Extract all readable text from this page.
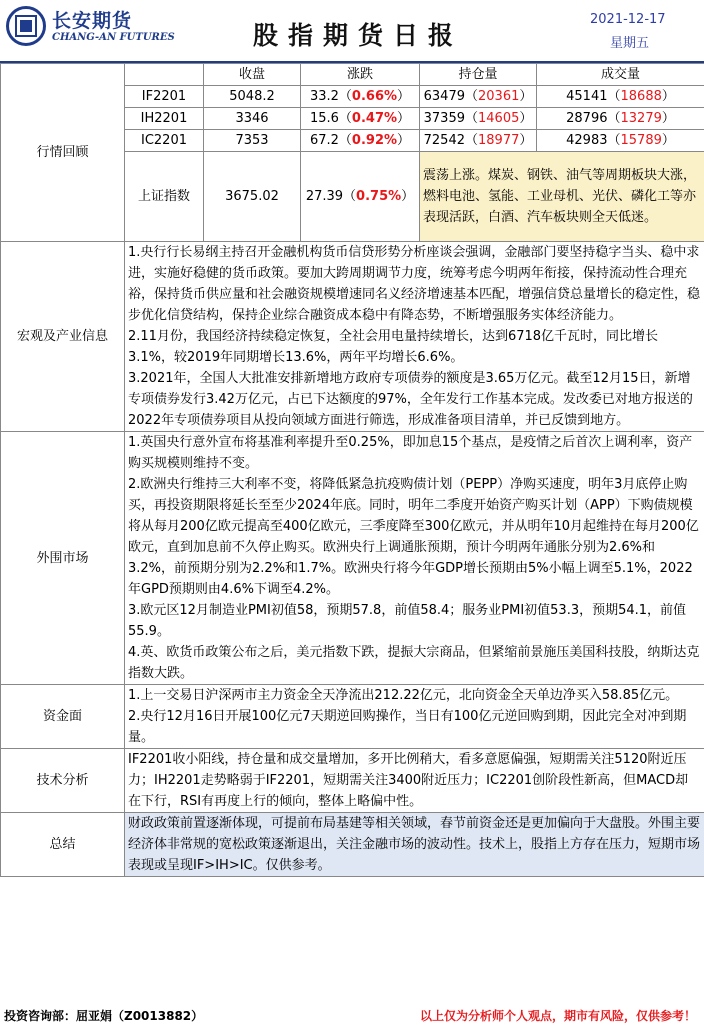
长安期货
CHANG-AN FUTURES	股指期货日报
2021-12-17
星期五
行情回顾		收盘	涨跌	持仓量	成交量
	IF2201	5048.2	33.2（0.66%）	63479（20361）	45141（18688）
	IH2201	3346	15.6（0.47%）	37359（14605）	28796（13279）
	IC2201	7353	67.2（0.92%）	72542（18977）	42983（15789）
	上证指数	3675.02	27.39（0.75%）	震荡上涨。煤炭、钢铁、油气等周期板块大涨，燃料电池、氢能、工业母机、光伏、磷化工等亦表现活跃，白酒、汽车板块则全天低迷。	
宏观及产业信息	1.央行行长易纲主持召开金融机构货币信贷形势分析座谈会强调，金融部门要坚持稳字当头、稳中求进，实施好稳健的货币政策。要加大跨周期调节力度，统筹考虑今明两年衔接，保持流动性合理充裕，保持货币供应量和社会融资规模增速同名义经济增速基本匹配，增强信贷总量增长的稳定性，稳步优化信贷结构，保持企业综合融资成本稳中有降态势，不断增强服务实体经济能力。
2.11月份，我国经济持续稳定恢复，全社会用电量持续增长，达到6718亿千瓦时，同比增长3.1%，较2019年同期增长13.6%，两年平均增长6.6%。
3.2021年，全国人大批准安排新增地方政府专项债券的额度是3.65万亿元。截至12月15日，新增专项债券发行3.42万亿元，占已下达额度的97%，全年发行工作基本完成。发改委已对地方报送的2022年专项债券项目从投向领域方面进行筛选，形成准备项目清单，并已反馈到地方。				

外围市场	1.英国央行意外宣布将基准利率提升至0.25%，即加息15个基点，是疫情之后首次上调利率，资产购买规模则维持不变。
2.欧洲央行维持三大利率不变，将降低紧急抗疫购债计划（PEPP）净购买速度，明年3月底停止购买，再投资期限将延长至至少2024年底。同时，明年二季度开始资产购买计划（APP）下购债规模将从每月200亿欧元提高至400亿欧元，三季度降至300亿欧元，并从明年10月起维持在每月200亿欧元，直到加息前不久停止购买。欧洲央行上调通胀预期，预计今明两年通胀分别为2.6%和3.2%，前预期分别为2.2%和1.7%。欧洲央行将今年GDP增长预期由5%小幅上调至5.1%，2022年GPD预期则由4.6%下调至4.2%。
3.欧元区12月制造业PMI初值58，预期57.8，前值58.4；服务业PMI初值53.3，预期54.1，前值55.9。
4.英、欧货币政策公布之后，美元指数下跌，提振大宗商品，但紧缩前景施压美国科技股，纳斯达克指数大跌。				

资金面	1.上一交易日沪深两市主力资金全天净流出212.22亿元，北向资金全天单边净买入58.85亿元。
2.央行12月16日开展100亿元7天期逆回购操作，当日有100亿元逆回购到期，因此完全对冲到期量。				

技术分析	IF2201收小阳线，持仓量和成交量增加，多开比例稍大，看多意愿偏强，短期需关注5120附近压力；IH2201走势略弱于IF2201，短期需关注3400附近压力；IC2201创阶段性新高，但MACD却在下行，RSI有再度上行的倾向，整体上略偏中性。				
总结	财政政策前置逐渐体现，可提前布局基建等相关领域，春节前资金还是更加偏向于大盘股。外围主要经济体非常规的宽松政策逐渐退出，关注金融市场的波动性。技术上，股指上方存在压力，短期市场表现或呈现IF>IH>IC。仅供参考。				
投资咨询部：屈亚娟（Z0013882）	以上仅为分析师个人观点，期市有风险，仅供参考！
